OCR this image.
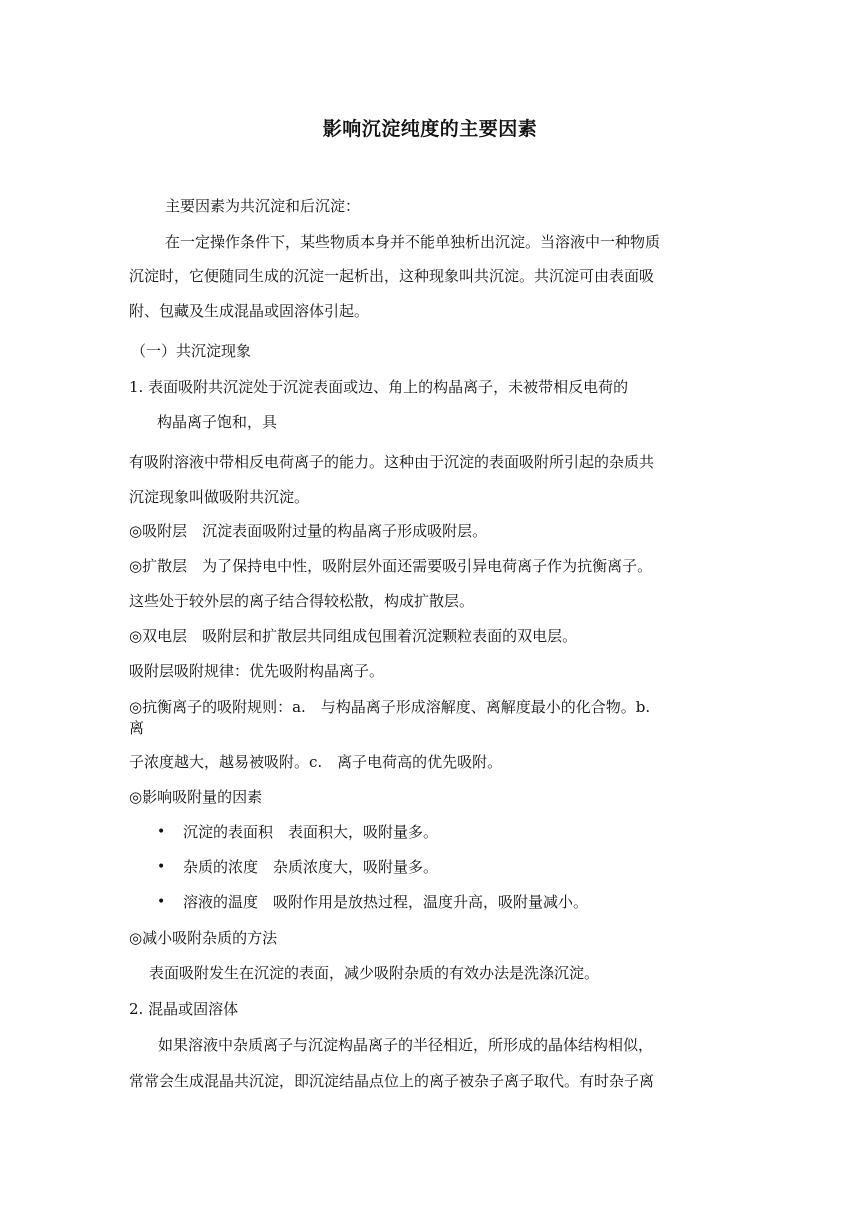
影响沉淀纯度的主要因素
主要因素为共沉淀和后沉淀：
在一定操作条件下，某些物质本身并不能单独析出沉淀。当溶液中一种物质
沉淀时，它便随同生成的沉淀一起析出，这种现象叫共沉淀。共沉淀可由表面吸
附、包藏及生成混晶或固溶体引起。
（一）共沉淀现象
1. 表面吸附共沉淀处于沉淀表面或边、角上的构晶离子，未被带相反电荷的
构晶离子饱和，具
有吸附溶液中带相反电荷离子的能力。这种由于沉淀的表面吸附所引起的杂质共
沉淀现象叫做吸附共沉淀。
◎吸附层　沉淀表面吸附过量的构晶离子形成吸附层。
◎扩散层　为了保持电中性，吸附层外面还需要吸引异电荷离子作为抗衡离子。
这些处于较外层的离子结合得较松散，构成扩散层。
◎双电层　吸附层和扩散层共同组成包围着沉淀颗粒表面的双电层。
吸附层吸附规律：优先吸附构晶离子。
◎抗衡离子的吸附规则：a.　与构晶离子形成溶解度、离解度最小的化合物。b.
离
子浓度越大，越易被吸附。c.　离子电荷高的优先吸附。
◎影响吸附量的因素
• 沉淀的表面积　表面积大，吸附量多。
• 杂质的浓度　杂质浓度大，吸附量多。
• 溶液的温度　吸附作用是放热过程，温度升高，吸附量减小。
◎减小吸附杂质的方法
表面吸附发生在沉淀的表面，减少吸附杂质的有效办法是洗涤沉淀。
2. 混晶或固溶体
如果溶液中杂质离子与沉淀构晶离子的半径相近，所形成的晶体结构相似，
常常会生成混晶共沉淀，即沉淀结晶点位上的离子被杂子离子取代。有时杂子离
